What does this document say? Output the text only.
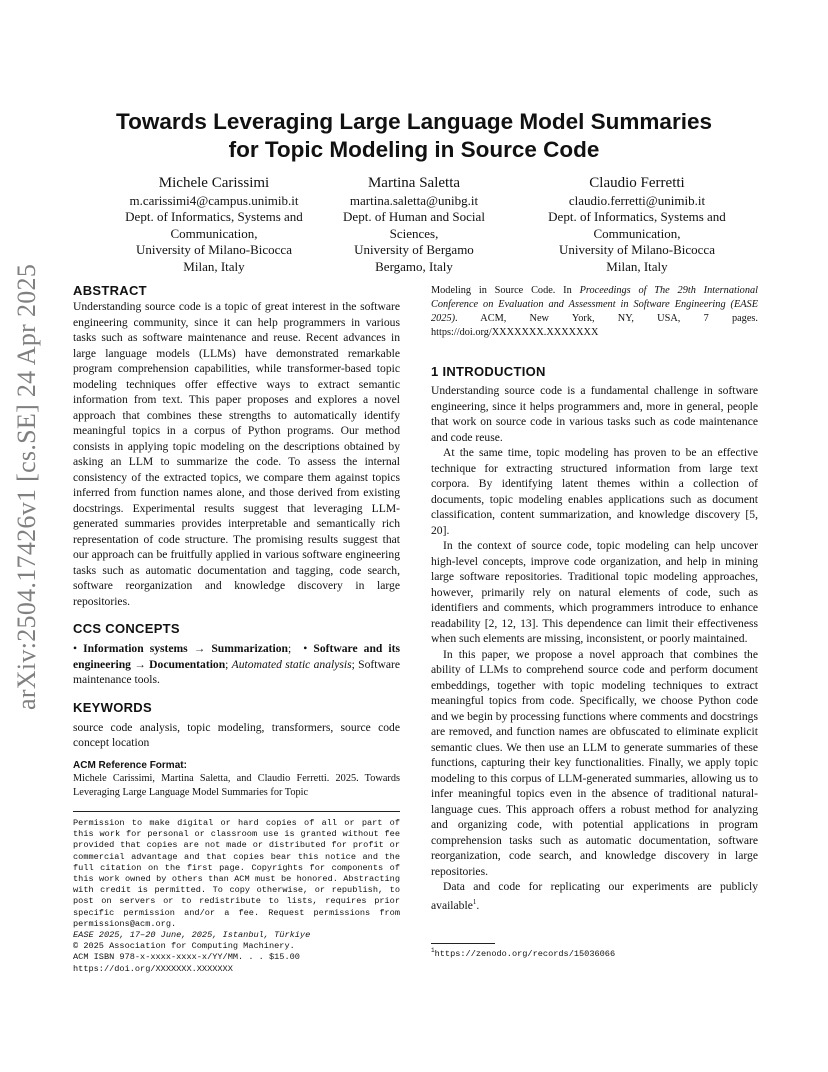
arXiv:2504.17426v1 [cs.SE] 24 Apr 2025
Towards Leveraging Large Language Model Summaries
for Topic Modeling in Source Code
Michele Carissimi
m.carissimi4@campus.unimib.it
Dept. of Informatics, Systems and
Communication,
University of Milano-Bicocca
Milan, Italy
Martina Saletta
martina.saletta@unibg.it
Dept. of Human and Social
Sciences,
University of Bergamo
Bergamo, Italy
Claudio Ferretti
claudio.ferretti@unimib.it
Dept. of Informatics, Systems and
Communication,
University of Milano-Bicocca
Milan, Italy
ABSTRACT

Understanding source code is a topic of great interest in the software engineering community, since it can help programmers in various tasks such as software maintenance and reuse. Recent advances in large language models (LLMs) have demonstrated remarkable program comprehension capabilities, while transformer-based topic modeling techniques offer effective ways to extract semantic information from text. This paper proposes and explores a novel approach that combines these strengths to automatically identify meaningful topics in a corpus of Python programs. Our method consists in applying topic modeling on the descriptions obtained by asking an LLM to summarize the code. To assess the internal consistency of the extracted topics, we compare them against topics inferred from function names alone, and those derived from existing docstrings. Experimental results suggest that leveraging LLM-generated summaries provides interpretable and semantically rich representation of code structure. The promising results suggest that our approach can be fruitfully applied in various software engineering tasks such as automatic documentation and tagging, code search, software reorganization and knowledge discovery in large repositories.

CCS CONCEPTS

• Information systems → Summarization;  • Software and its engineering → Documentation; Automated static analysis; Software maintenance tools.

KEYWORDS

source code analysis, topic modeling, transformers, source code concept location

ACM Reference Format:

Michele Carissimi, Martina Saletta, and Claudio Ferretti. 2025. Towards Leveraging Large Language Model Summaries for Topic

Permission to make digital or hard copies of all or part of this work for personal or classroom use is granted without fee provided that copies are not made or distributed for profit or commercial advantage and that copies bear this notice and the full citation on the first page. Copyrights for components of this work owned by others than ACM must be honored. Abstracting with credit is permitted. To copy otherwise, or republish, to post on servers or to redistribute to lists, requires prior specific permission and/or a fee. Request permissions from permissions@acm.org.
EASE 2025, 17–20 June, 2025, Istanbul, Türkiye
© 2025 Association for Computing Machinery.
ACM ISBN 978-x-xxxx-xxxx-x/YY/MM. . . $15.00
https://doi.org/XXXXXXX.XXXXXXX

Modeling in Source Code. In Proceedings of The 29th International Conference on Evaluation and Assessment in Software Engineering (EASE 2025). ACM, New York, NY, USA, 7 pages. https://doi.org/XXXXXXX.XXXXXXX

1 INTRODUCTION

Understanding source code is a fundamental challenge in software engineering, since it helps programmers and, more in general, people that work on source code in various tasks such as code maintenance and code reuse.

At the same time, topic modeling has proven to be an effective technique for extracting structured information from large text corpora. By identifying latent themes within a collection of documents, topic modeling enables applications such as document classification, content summarization, and knowledge discovery [5, 20].

In the context of source code, topic modeling can help uncover high-level concepts, improve code organization, and help in mining large software repositories. Traditional topic modeling approaches, however, primarily rely on natural elements of code, such as identifiers and comments, which programmers introduce to enhance readability [2, 12, 13]. This dependence can limit their effectiveness when such elements are missing, inconsistent, or poorly maintained.

In this paper, we propose a novel approach that combines the ability of LLMs to comprehend source code and perform document embeddings, together with topic modeling techniques to extract meaningful topics from code. Specifically, we choose Python code and we begin by processing functions where comments and docstrings are removed, and function names are obfuscated to eliminate explicit semantic clues. We then use an LLM to generate summaries of these functions, capturing their key functionalities. Finally, we apply topic modeling to this corpus of LLM-generated summaries, allowing us to infer meaningful topics even in the absence of traditional natural-language cues. This approach offers a robust method for analyzing and organizing code, with potential applications in program comprehension tasks such as automatic documentation, software reorganization, code search, and knowledge discovery in large repositories.

Data and code for replicating our experiments are publicly available$^1$.

$^1$https://zenodo.org/records/15036066
